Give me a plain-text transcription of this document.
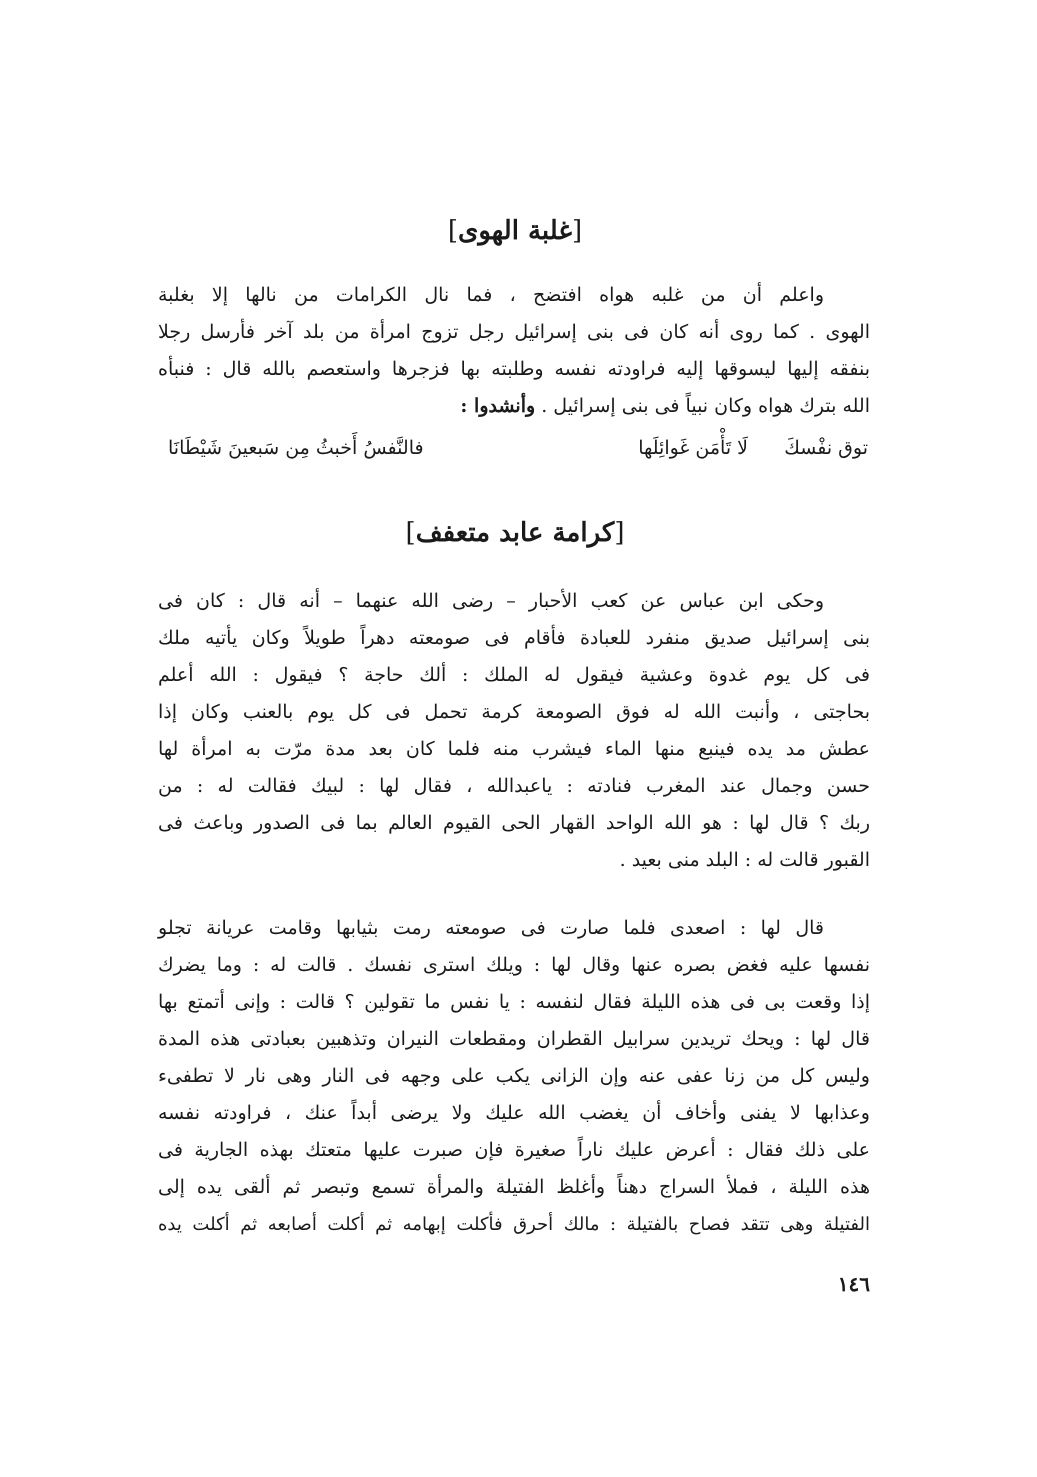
[غلبة الهوى]
واعلم أن من غلبه هواه افتضح ، فما نال الكرامات من نالها إلا بغلبة
الهوى . كما روى أنه كان فى بنى إسرائيل رجل تزوج امرأة من بلد آخر فأرسل رجلا
بنفقه إليها ليسوقها إليه فراودته نفسه وطلبته بها فزجرها واستعصم بالله قال : فنبأه
الله بترك هواه وكان نبياً فى بنى إسرائيل . وأنشدوا :
توق نفْسكَ      لَا تَأْمَن غَوائِلَها
فالنَّفسُ أَخبثُ مِن سَبعينَ شَيْطَانَا
[كرامة عابد متعفف]
وحكى ابن عباس عن كعب الأحبار – رضى الله عنهما – أنه قال : كان فى
بنى إسرائيل صديق منفرد للعبادة فأقام فى صومعته دهراً طويلاً وكان يأتيه ملك
فى كل يوم غدوة وعشية فيقول له الملك : ألك حاجة ؟ فيقول : الله أعلم
بحاجتى ، وأنبت الله له فوق الصومعة كرمة تحمل فى كل يوم بالعنب وكان إذا
عطش مد يده فينبع منها الماء فيشرب منه فلما كان بعد مدة مرّت به امرأة لها
حسن وجمال عند المغرب فنادته : ياعبدالله ، فقال لها : لبيك فقالت له : من
ربك ؟ قال لها : هو الله الواحد القهار الحى القيوم العالم بما فى الصدور وباعث فى
القبور قالت له : البلد منى بعيد .
قال لها : اصعدى فلما صارت فى صومعته رمت بثيابها وقامت عريانة تجلو
نفسها عليه فغض بصره عنها وقال لها : ويلك استرى نفسك . قالت له : وما يضرك
إذا وقعت بى فى هذه الليلة فقال لنفسه : يا نفس ما تقولين ؟ قالت : وإنى أتمتع بها
قال لها : ويحك تريدين سرابيل القطران ومقطعات النيران وتذهبين بعبادتى هذه المدة
وليس كل من زنا عفى عنه وإن الزانى يكب على وجهه فى النار وهى نار لا تطفىء
وعذابها لا يفنى وأخاف أن يغضب الله عليك ولا يرضى أبداً عنك ، فراودته نفسه
على ذلك فقال : أعرض عليك ناراً صغيرة فإن صبرت عليها متعتك بهذه الجارية فى
هذه الليلة ، فملأ السراج دهناً وأغلظ الفتيلة والمرأة تسمع وتبصر ثم ألقى يده إلى
الفتيلة وهى تتقد فصاح بالفتيلة : مالك أحرق فأكلت إبهامه ثم أكلت أصابعه ثم أكلت يده
١٤٦
